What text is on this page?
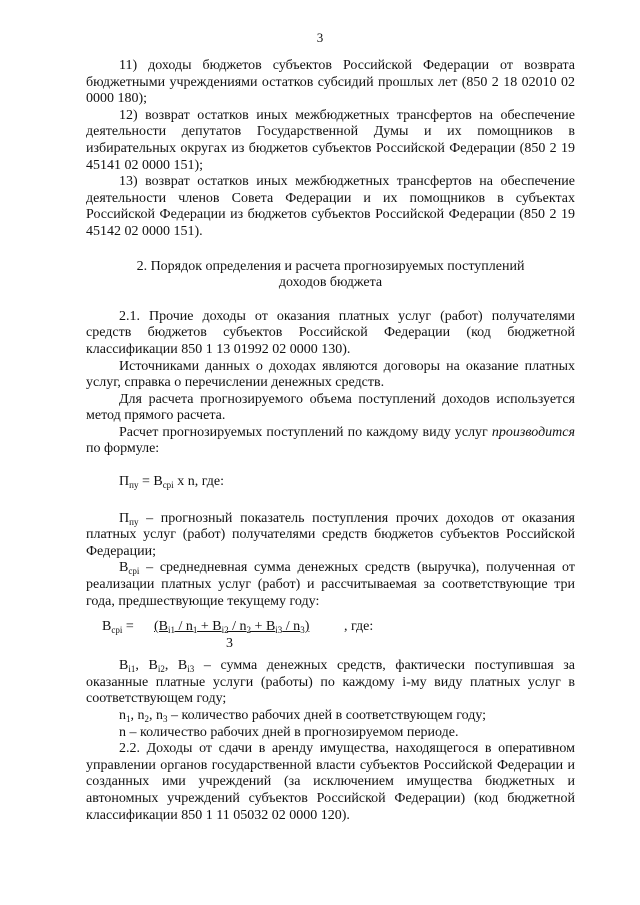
3

11) доходы бюджетов субъектов Российской Федерации от возврата бюджетными учреждениями остатков субсидий прошлых лет (850 2 18 02010 02 0000 180);

12) возврат остатков иных межбюджетных трансфертов на обеспечение деятельности депутатов Государственной Думы и их помощников в избирательных округах из бюджетов субъектов Российской Федерации (850 2 19 45141 02 0000 151);

13) возврат остатков иных межбюджетных трансфертов на обеспечение деятельности членов Совета Федерации и их помощников в субъектах Российской Федерации из бюджетов субъектов Российской Федерации (850 2 19 45142 02 0000 151).

2. Порядок определения и расчета прогнозируемых поступлений
доходов бюджета

2.1. Прочие доходы от оказания платных услуг (работ) получателями средств бюджетов субъектов Российской Федерации (код бюджетной классификации 850 1 13 01992 02 0000 130).

Источниками данных о доходах являются договоры на оказание платных услуг, справка о перечислении денежных средств.

Для расчета прогнозируемого объема поступлений доходов используется метод прямого расчета.

Расчет прогнозируемых поступлений по каждому виду услуг производится по формуле:

$П_{пу} = В_{срi}$ x n, где:

$П_{пу}$ – прогнозный показатель поступления прочих доходов от оказания платных услуг (работ) получателями средств бюджетов субъектов Российской Федерации;

$В_{срi}$ – среднедневная сумма денежных средств (выручка), полученная от реализации платных услуг (работ) и рассчитываемая за соответствующие три года, предшествующие текущему году:

$В_{срi} = (В_{i1} / n_1 + В_{i2} / n_2 + В_{i3} / n_3)$ , где:
3

$В_{i1}$, $В_{i2}$, $В_{i3}$ – сумма денежных средств, фактически поступившая за оказанные платные услуги (работы) по каждому i-му виду платных услуг в соответствующем году;

$n_1$, $n_2$, $n_3$ – количество рабочих дней в соответствующем году;

n – количество рабочих дней в прогнозируемом периоде.

2.2. Доходы от сдачи в аренду имущества, находящегося в оперативном управлении органов государственной власти субъектов Российской Федерации и созданных ими учреждений (за исключением имущества бюджетных и автономных учреждений субъектов Российской Федерации) (код бюджетной классификации 850 1 11 05032 02 0000 120).
